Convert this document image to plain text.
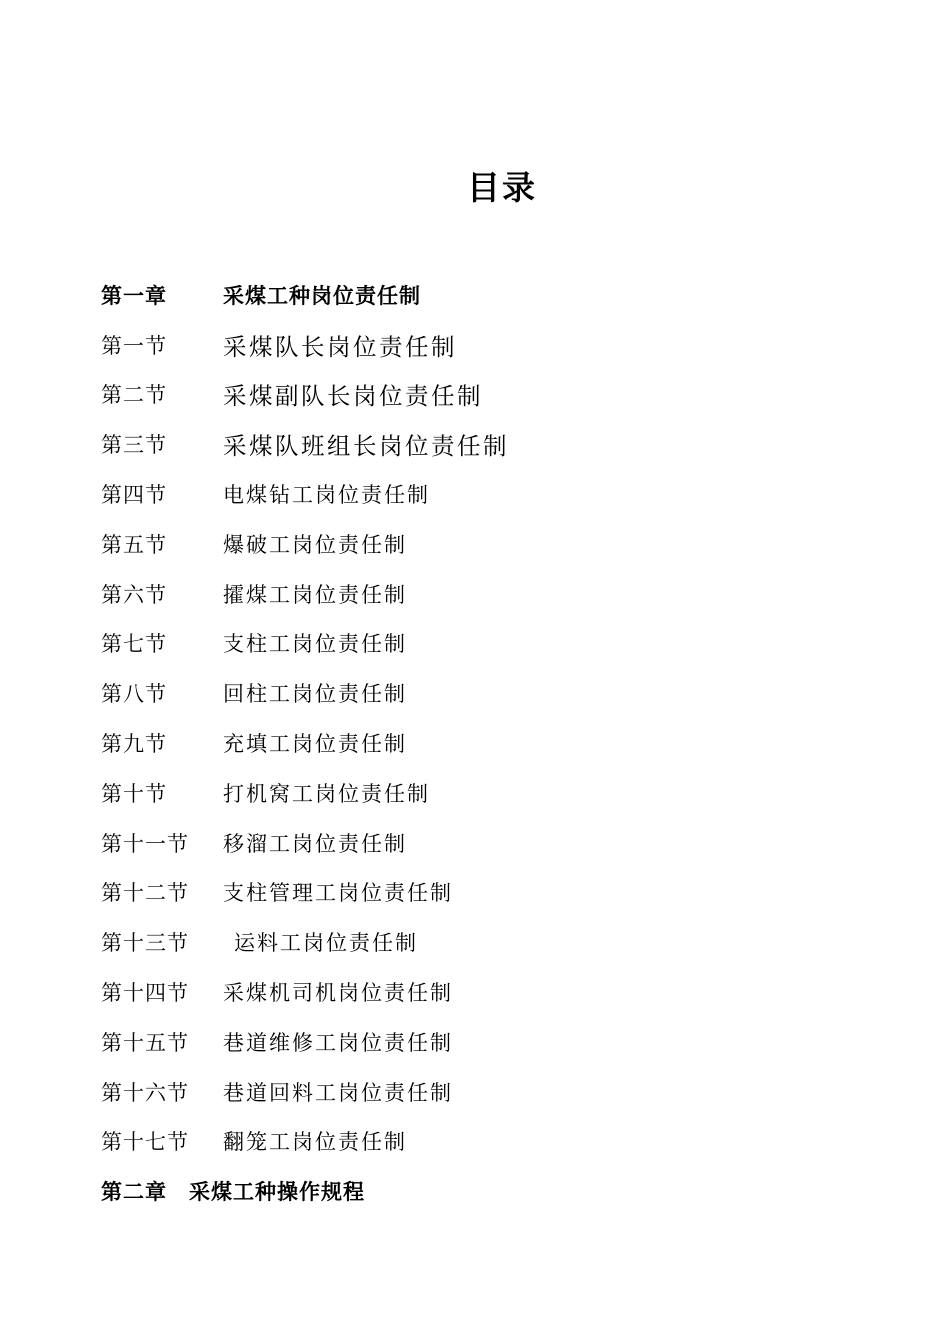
目录
第一章	采煤工种岗位责任制
第一节	采煤队长岗位责任制
第二节	采煤副队长岗位责任制
第三节	采煤队班组长岗位责任制
第四节	电煤钻工岗位责任制
第五节	爆破工岗位责任制
第六节	攉煤工岗位责任制
第七节	支柱工岗位责任制
第八节	回柱工岗位责任制
第九节	充填工岗位责任制
第十节	打机窝工岗位责任制
第十一节	移溜工岗位责任制
第十二节	支柱管理工岗位责任制
第十三节	运料工岗位责任制
第十四节	采煤机司机岗位责任制
第十五节	巷道维修工岗位责任制
第十六节	巷道回料工岗位责任制
第十七节	翻笼工岗位责任制
第二章	采煤工种操作规程
